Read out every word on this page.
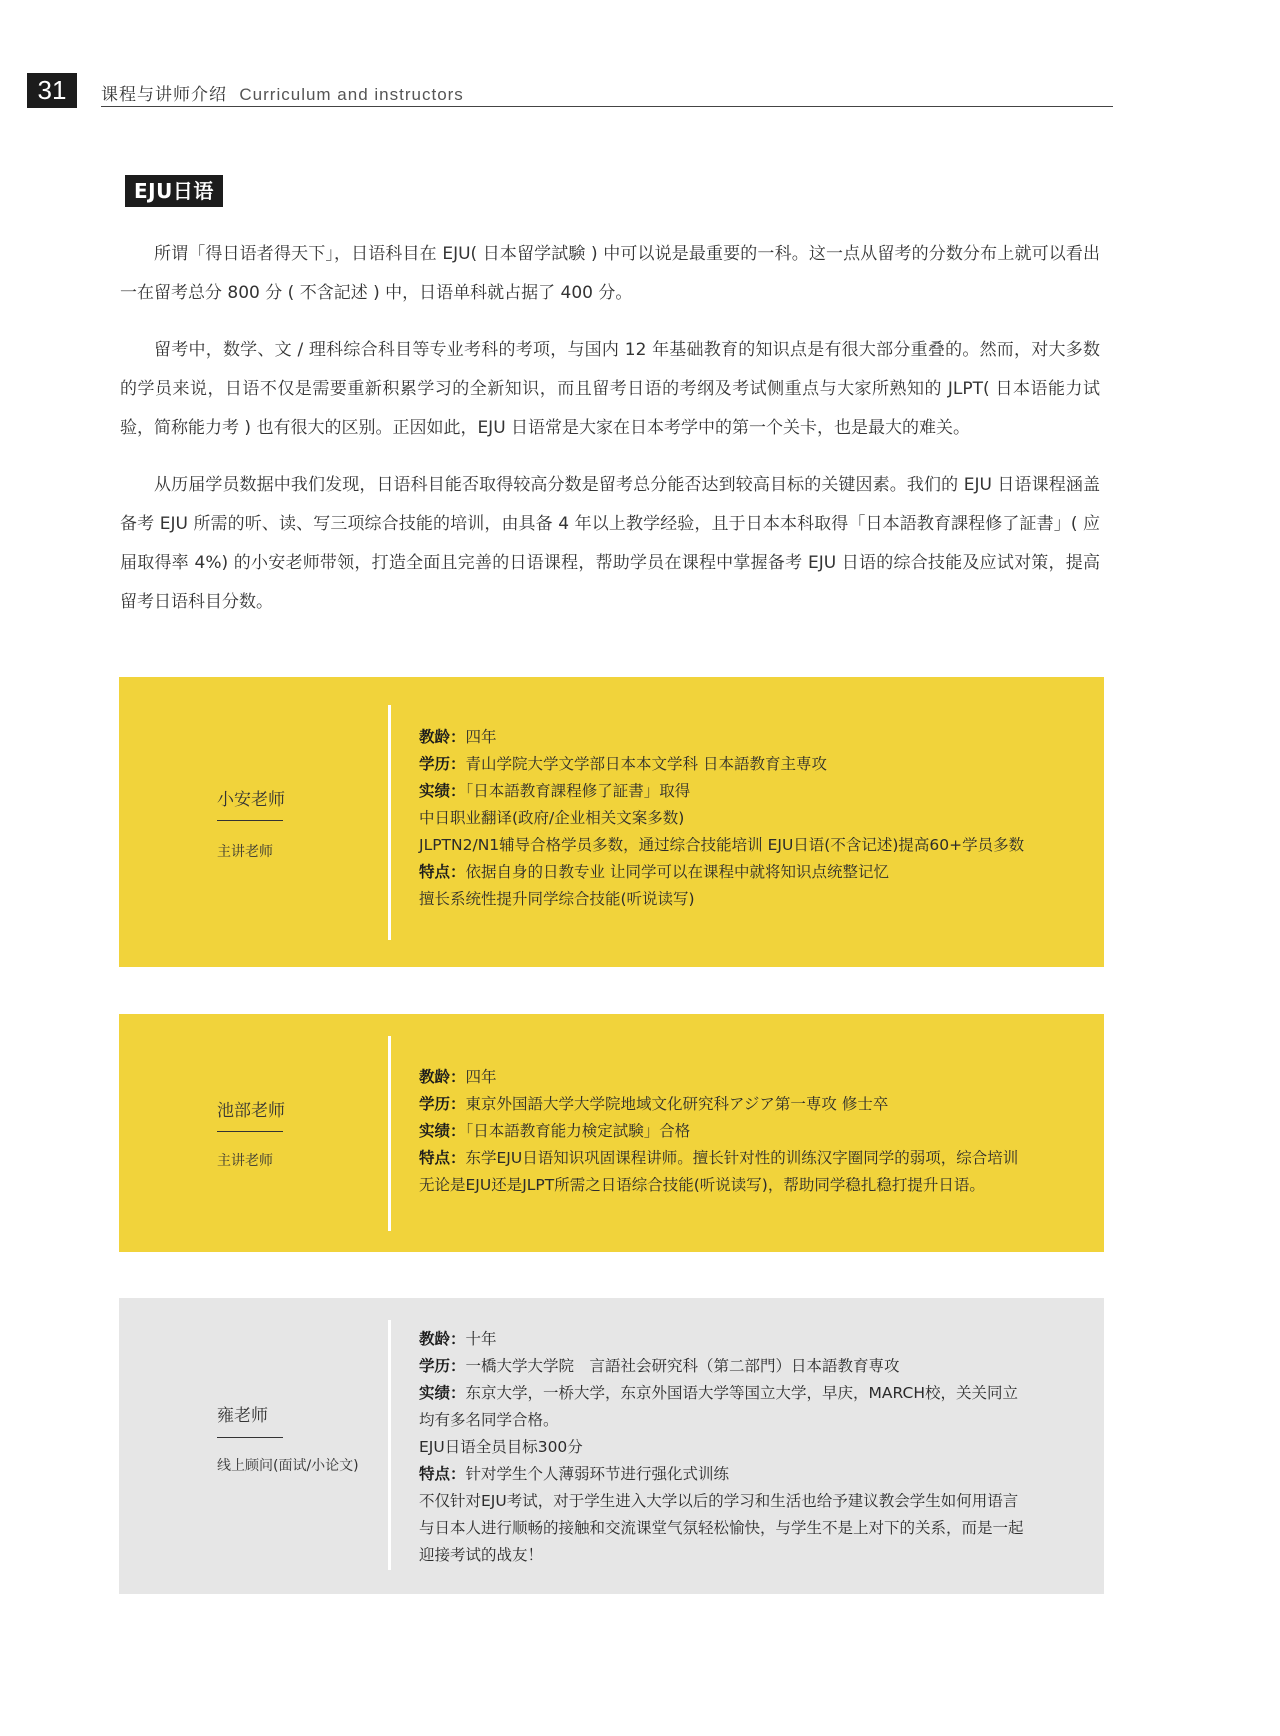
31	课程与讲师介绍 Curriculum and instructors
EJU日语

所谓「得日语者得天下」，日语科目在 EJU( 日本留学試験 ) 中可以说是最重要的一科。这一点从留考的分数分布上就可以看出一在留考总分 800 分 ( 不含記述 ) 中，日语单科就占据了 400 分。

留考中，数学、文 / 理科综合科目等专业考科的考项，与国内 12 年基础教育的知识点是有很大部分重叠的。然而，对大多数的学员来说，日语不仅是需要重新积累学习的全新知识，而且留考日语的考纲及考试侧重点与大家所熟知的 JLPT( 日本语能力试验，简称能力考 ) 也有很大的区别。正因如此，EJU 日语常是大家在日本考学中的第一个关卡，也是最大的难关。

从历届学员数据中我们发现，日语科目能否取得较高分数是留考总分能否达到较高目标的关键因素。我们的 EJU 日语课程涵盖备考 EJU 所需的听、读、写三项综合技能的培训，由具备 4 年以上教学经验，且于日本本科取得「日本語教育課程修了証書」( 应届取得率 4%) 的小安老师带领，打造全面且完善的日语课程，帮助学员在课程中掌握备考 EJU 日语的综合技能及应试对策，提高留考日语科目分数。

小安老师
主讲老师
教龄：四年
学历：青山学院大学文学部日本本文学科 日本語教育主専攻
实绩：「日本語教育課程修了証書」取得
中日职业翻译(政府/企业相关文案多数)
JLPTN2/N1辅导合格学员多数，通过综合技能培训 EJU日语(不含记述)提高60+学员多数
特点：依据自身的日教专业 让同学可以在课程中就将知识点统整记忆
擅长系统性提升同学综合技能(听说读写)
池部老师
主讲老师
教龄：四年
学历：東京外国語大学大学院地域文化研究科アジア第一専攻 修士卒
实绩：「日本語教育能力検定試験」合格
特点：东学EJU日语知识巩固课程讲师。擅长针对性的训练汉字圈同学的弱项，综合培训
无论是EJU还是JLPT所需之日语综合技能(听说读写)，帮助同学稳扎稳打提升日语。
雍老师
线上顾问(面试/小论文)
教龄：十年
学历：一橋大学大学院　言語社会研究科（第二部門）日本語教育専攻
实绩：东京大学，一桥大学，东京外国语大学等国立大学，早庆，MARCH校，关关同立
均有多名同学合格。
EJU日语全员目标300分
特点：针对学生个人薄弱环节进行强化式训练
不仅针对EJU考试，对于学生进入大学以后的学习和生活也给予建议教会学生如何用语言
与日本人进行顺畅的接触和交流课堂气氛轻松愉快，与学生不是上对下的关系，而是一起
迎接考试的战友！
